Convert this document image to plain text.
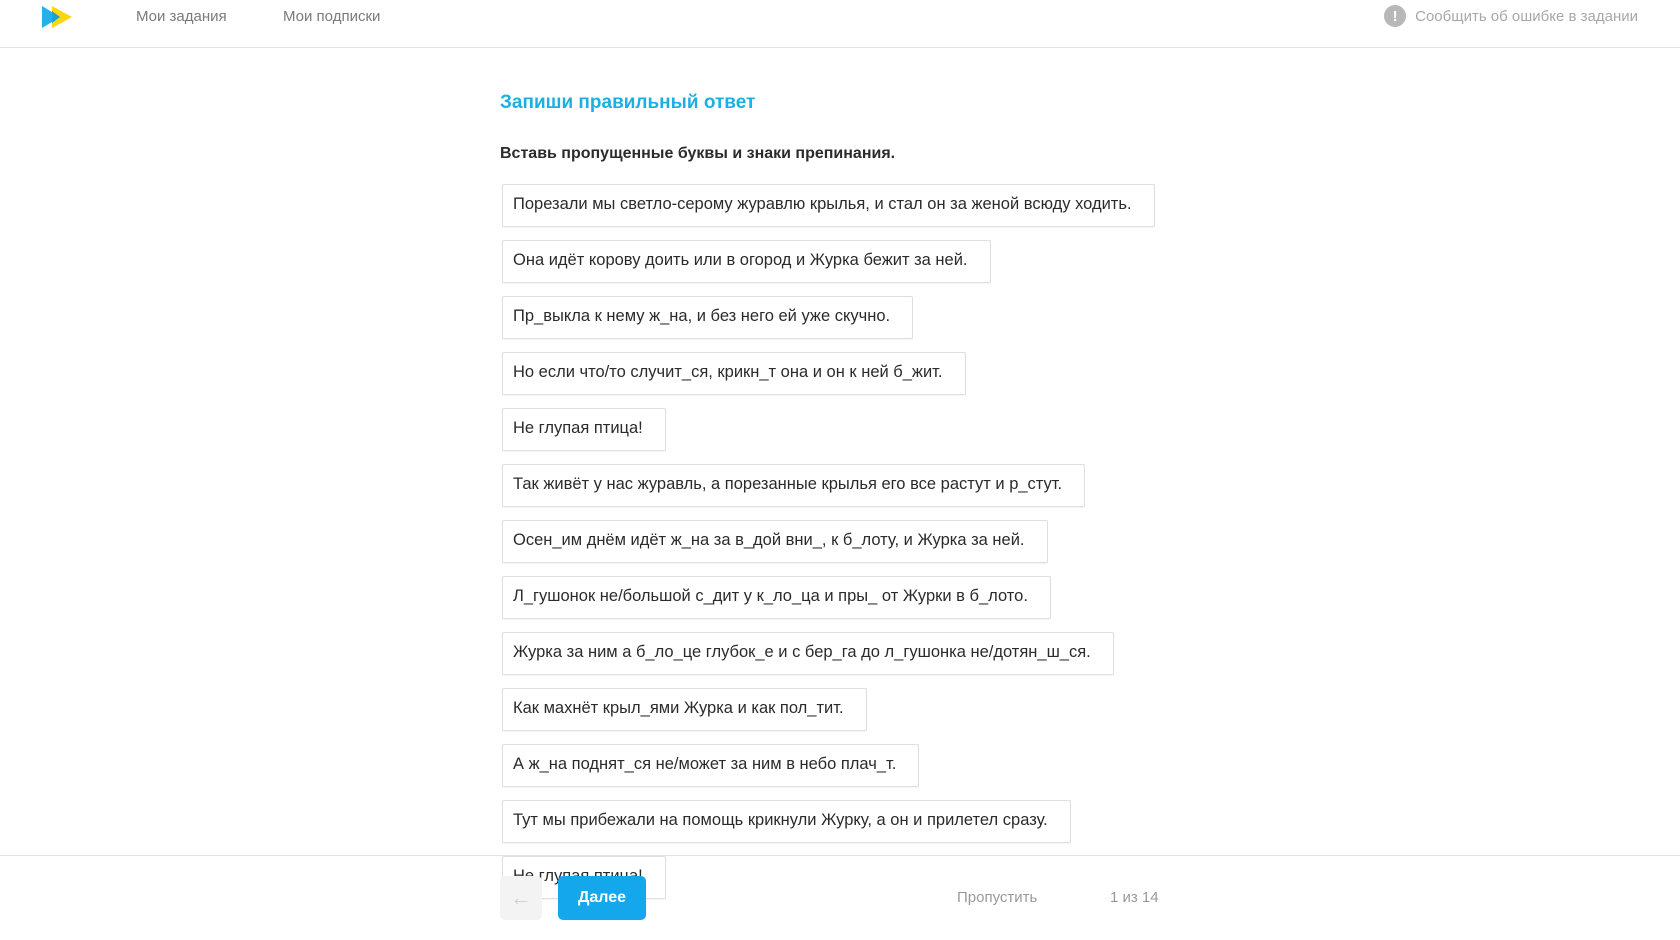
Мои задания	Мои подписки	!	Сообщить об ошибке в задании
Запиши правильный ответ
Вставь пропущенные буквы и знаки препинания.
Порезали мы светло-серому журавлю крылья, и стал он за женой всюду ходить.
Она идёт корову доить или в огород и Журка бежит за ней.
Пр_выкла к нему ж_на, и без него ей уже скучно.
Но если что/то случит_ся, крикн_т она и он к ней б_жит.
Не глупая птица!
Так живёт у нас журавль, а порезанные крылья его все растут и р_стут.
Осен_им днём идёт ж_на за в_дой вни_, к б_лоту, и Журка за ней.
Л_гушонок не/большой с_дит у к_ло_ца и пры_ от Журки в б_лото.
Журка за ним а б_ло_це глубок_е и с бер_га до л_гушонка не/дотян_ш_ся.
Как махнёт крыл_ями Журка и как пол_тит.
А ж_на поднят_ся не/может за ним в небо плач_т.
Тут мы прибежали на помощь крикнули Журку, а он и прилетел сразу.
←	Далее	Пропустить	1 из 14
